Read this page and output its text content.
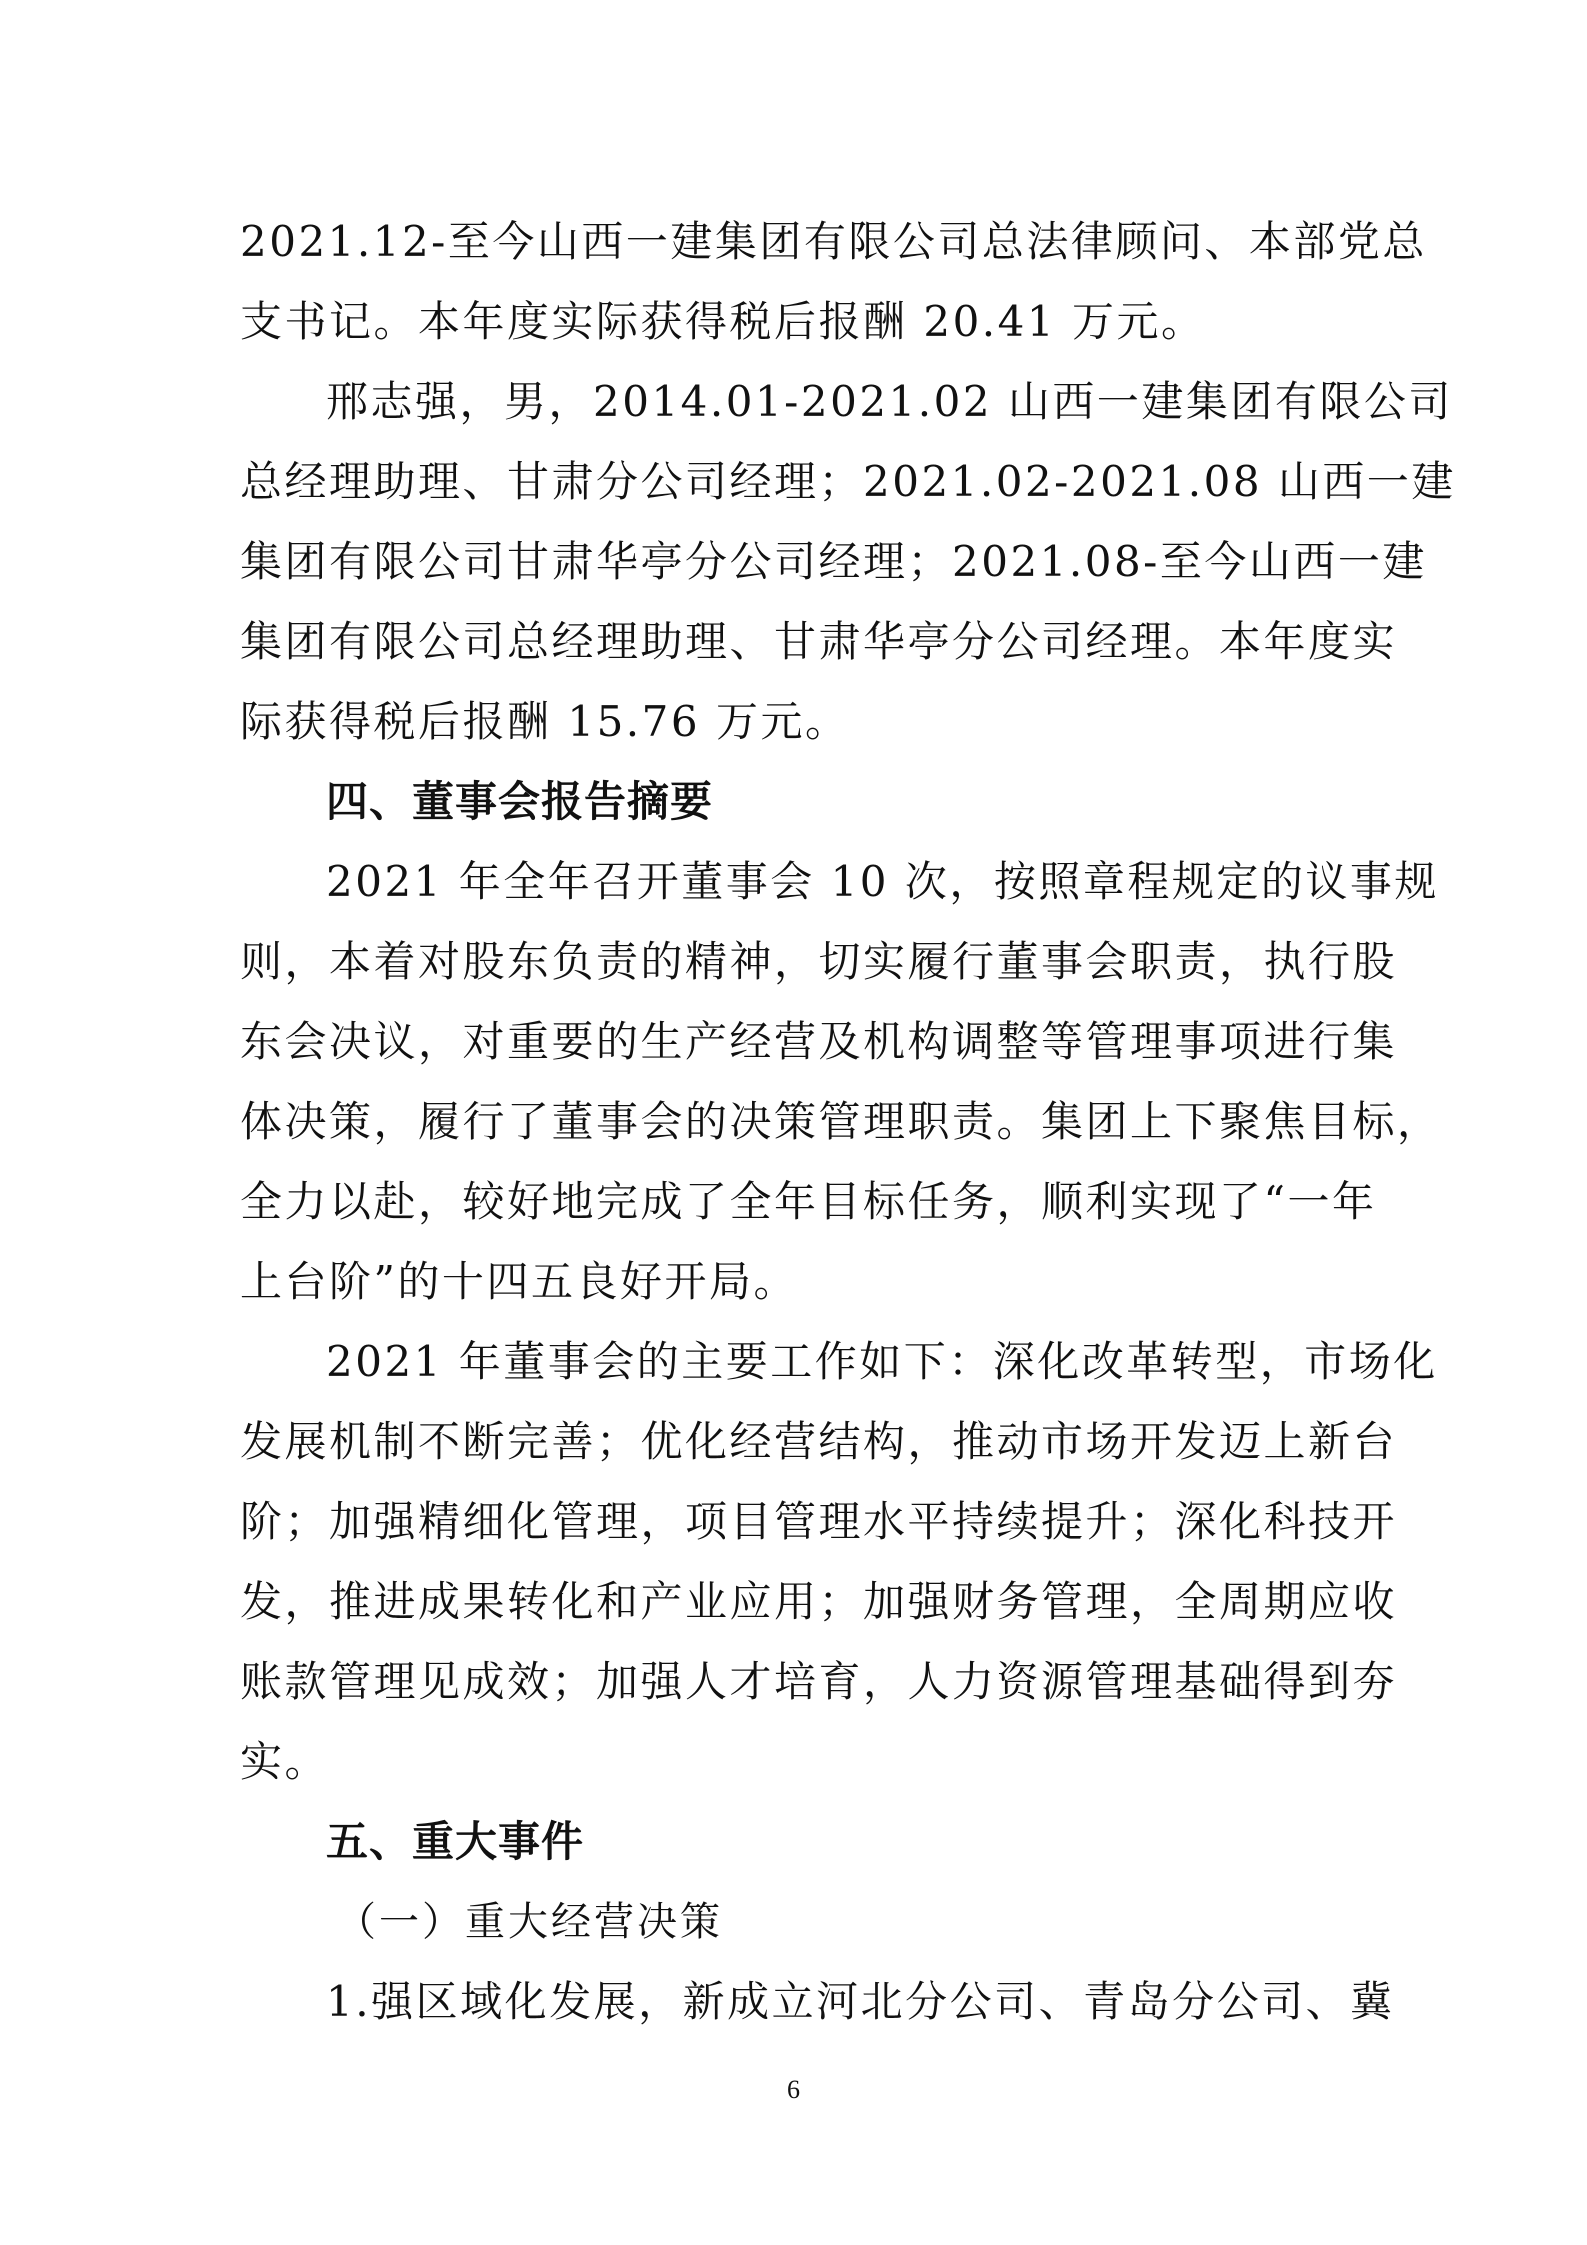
2021.12-至今山西一建集团有限公司总法律顾问、本部党总
支书记。本年度实际获得税后报酬 20.41 万元。
邢志强，男，2014.01-2021.02 山西一建集团有限公司
总经理助理、甘肃分公司经理；2021.02-2021.08 山西一建
集团有限公司甘肃华亭分公司经理；2021.08-至今山西一建
集团有限公司总经理助理、甘肃华亭分公司经理。本年度实
际获得税后报酬 15.76 万元。
四、董事会报告摘要
2021 年全年召开董事会 10 次，按照章程规定的议事规
则，本着对股东负责的精神，切实履行董事会职责，执行股
东会决议，对重要的生产经营及机构调整等管理事项进行集
体决策，履行了董事会的决策管理职责。集团上下聚焦目标，
全力以赴，较好地完成了全年目标任务，顺利实现了“一年
上台阶”的十四五良好开局。
2021 年董事会的主要工作如下：深化改革转型，市场化
发展机制不断完善；优化经营结构，推动市场开发迈上新台
阶；加强精细化管理，项目管理水平持续提升；深化科技开
发，推进成果转化和产业应用；加强财务管理，全周期应收
账款管理见成效；加强人才培育，人力资源管理基础得到夯
实。
五、重大事件
（一）重大经营决策
1.强区域化发展，新成立河北分公司、青岛分公司、冀
6
